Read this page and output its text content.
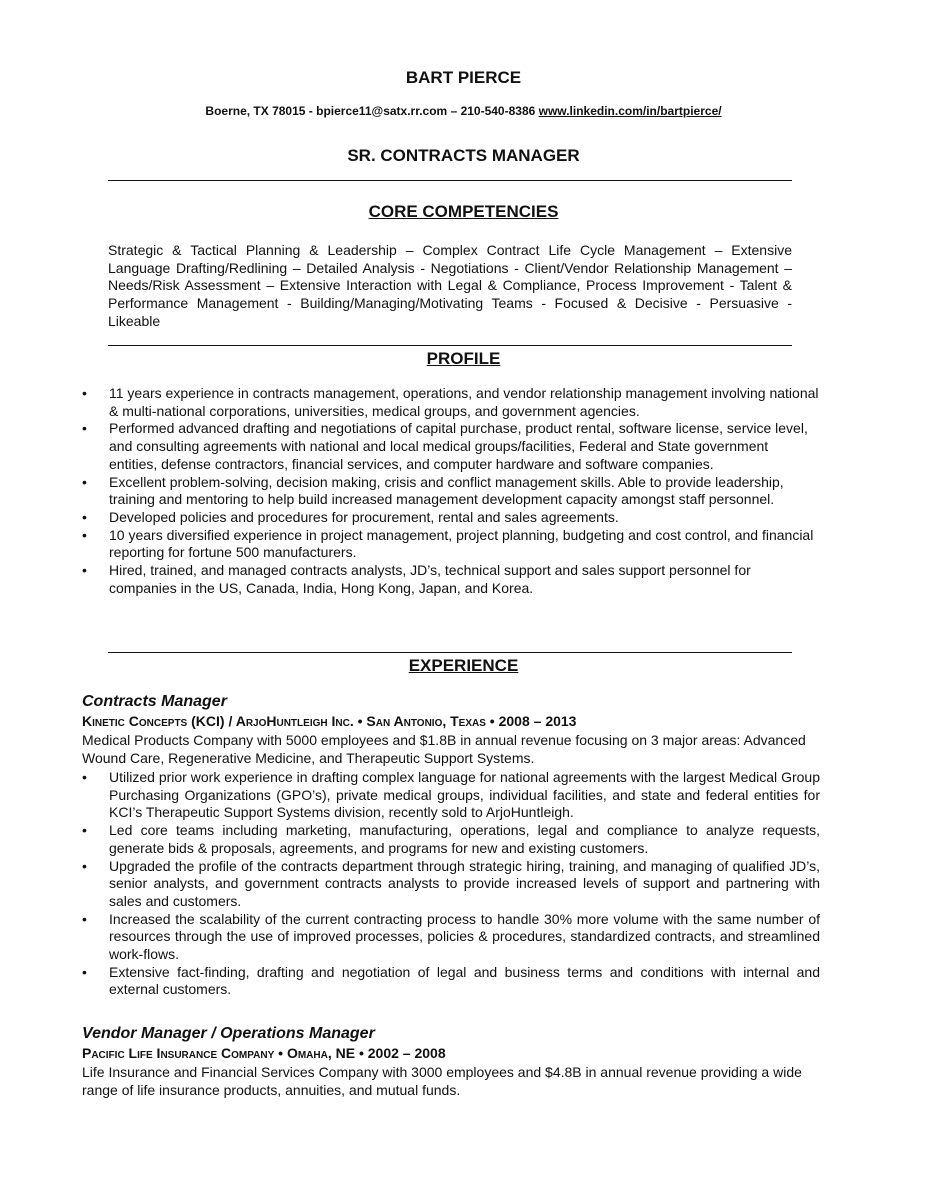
BART PIERCE
Boerne, TX 78015 - bpierce11@satx.rr.com – 210-540-8386 www.linkedin.com/in/bartpierce/
SR. CONTRACTS MANAGER
CORE COMPETENCIES
Strategic & Tactical Planning & Leadership – Complex Contract Life Cycle Management – Extensive Language Drafting/Redlining – Detailed Analysis - Negotiations - Client/Vendor Relationship Management – Needs/Risk Assessment – Extensive Interaction with Legal & Compliance, Process Improvement - Talent & Performance Management - Building/Managing/Motivating Teams - Focused & Decisive - Persuasive - Likeable
PROFILE
• 11 years experience in contracts management, operations, and vendor relationship management involving national & multi-national corporations, universities, medical groups, and government agencies.
• Performed advanced drafting and negotiations of capital purchase, product rental, software license, service level, and consulting agreements with national and local medical groups/facilities, Federal and State government entities, defense contractors, financial services, and computer hardware and software companies.
• Excellent problem-solving, decision making, crisis and conflict management skills. Able to provide leadership, training and mentoring to help build increased management development capacity amongst staff personnel.
• Developed policies and procedures for procurement, rental and sales agreements.
• 10 years diversified experience in project management, project planning, budgeting and cost control, and financial reporting for fortune 500 manufacturers.
• Hired, trained, and managed contracts analysts, JD’s, technical support and sales support personnel for companies in the US, Canada, India, Hong Kong, Japan, and Korea.
EXPERIENCE
Contracts Manager
Kinetic Concepts (KCI) / ArjoHuntleigh Inc. • San Antonio, Texas • 2008 – 2013
Medical Products Company with 5000 employees and $1.8B in annual revenue focusing on 3 major areas: Advanced Wound Care, Regenerative Medicine, and Therapeutic Support Systems.
• Utilized prior work experience in drafting complex language for national agreements with the largest Medical Group Purchasing Organizations (GPO’s), private medical groups, individual facilities, and state and federal entities for KCI’s Therapeutic Support Systems division, recently sold to ArjoHuntleigh.
• Led core teams including marketing, manufacturing, operations, legal and compliance to analyze requests, generate bids & proposals, agreements, and programs for new and existing customers.
• Upgraded the profile of the contracts department through strategic hiring, training, and managing of qualified JD’s, senior analysts, and government contracts analysts to provide increased levels of support and partnering with sales and customers.
• Increased the scalability of the current contracting process to handle 30% more volume with the same number of resources through the use of improved processes, policies & procedures, standardized contracts, and streamlined work-flows.
• Extensive fact-finding, drafting and negotiation of legal and business terms and conditions with internal and external customers.
Vendor Manager / Operations Manager
Pacific Life Insurance Company • Omaha, NE • 2002 – 2008
Life Insurance and Financial Services Company with 3000 employees and $4.8B in annual revenue providing a wide range of life insurance products, annuities, and mutual funds.
